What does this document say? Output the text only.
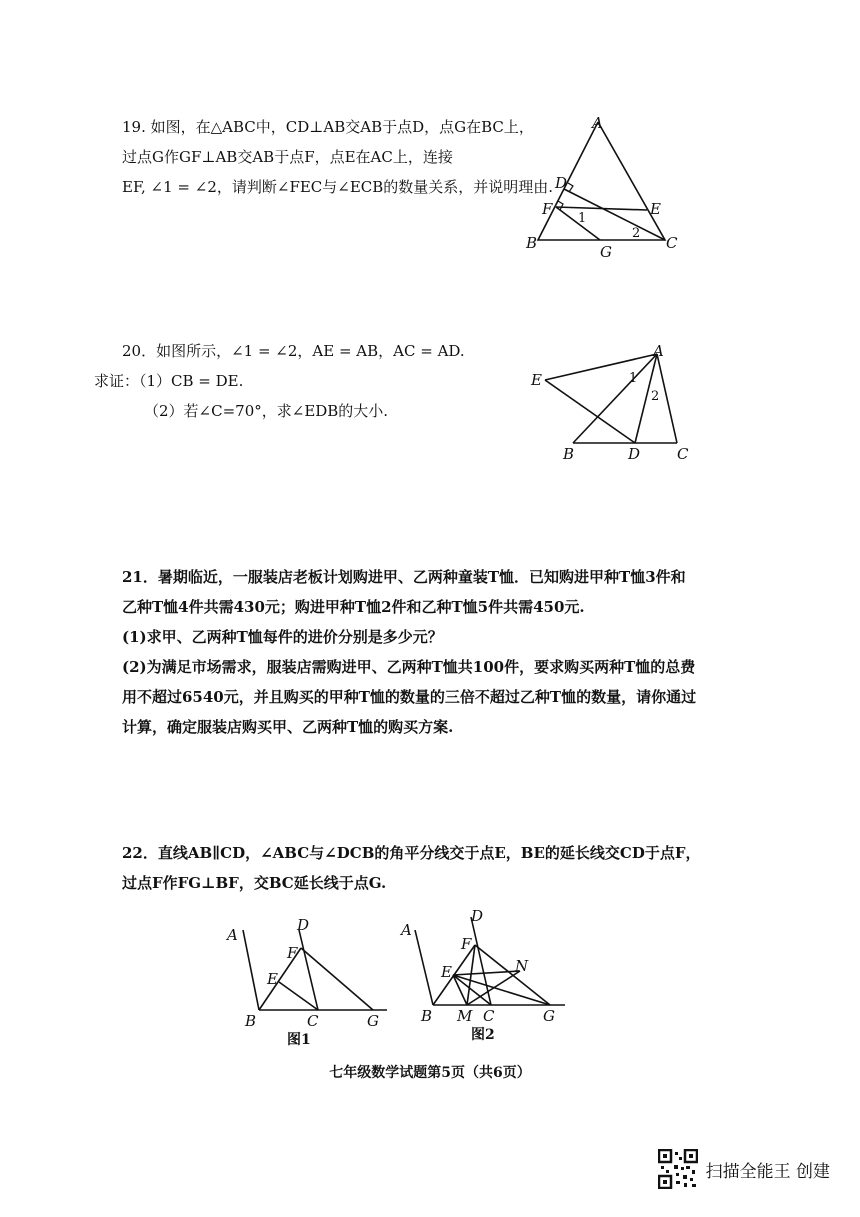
19. 如图，在△ABC中，CD⊥AB交AB于点D，点G在BC上，

过点G作GF⊥AB交AB于点F，点E在AC上，连接

EF, ∠1 = ∠2，请判断∠FEC与∠ECB的数量关系，并说明理由.

A
D
E
F
B	G	C
1
2

20．如图所示，∠1 = ∠2，AE = AB，AC = AD.

求证：（1）CB = DE.

（2）若∠C=70°，求∠EDB的大小.

A
E
B	D C
1
2

21．暑期临近，一服装店老板计划购进甲、乙两种童装T恤．已知购进甲种T恤3件和

乙种T恤4件共需430元；购进甲种T恤2件和乙种T恤5件共需450元.

(1)求甲、乙两种T恤每件的进价分别是多少元？

(2)为满足市场需求，服装店需购进甲、乙两种T恤共100件，要求购买两种T恤的总费

用不超过6540元，并且购买的甲种T恤的数量的三倍不超过乙种T恤的数量，请你通过

计算，确定服装店购买甲、乙两种T恤的购买方案.

22．直线AB∥CD，∠ABC与∠DCB的角平分线交于点E，BE的延长线交CD于点F，

过点F作FG⊥BF，交BC延长线于点G.

A
D
F
E
B	C	G
图1
A
D
F
E	N
B M C	G
图2
七年级数学试题第5页（共6页）
扫描全能王 创建
